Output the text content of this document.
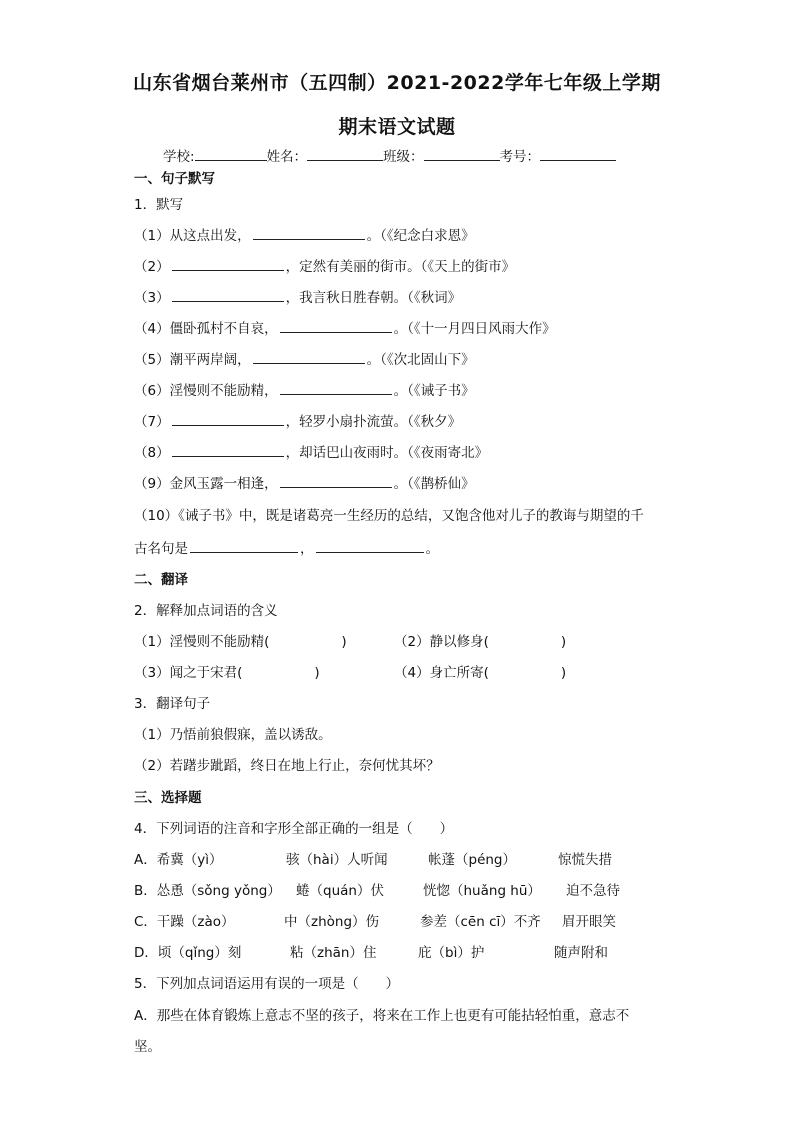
山东省烟台莱州市（五四制）2021-2022学年七年级上学期
期末语文试题
学校:	姓名：	班级：	考号：
一、句子默写
1．默写
（1）从这点出发，	。（《纪念白求恩》
（2）	，定然有美丽的街市。（《天上的街市》
（3）	，我言秋日胜春朝。（《秋词》
（4）僵卧孤村不自哀，	。（《十一月四日风雨大作》
（5）潮平两岸阔，	。（《次北固山下》
（6）淫慢则不能励精，	。（《诫子书》
（7）	，轻罗小扇扑流萤。（《秋夕》
（8）	，却话巴山夜雨时。（《夜雨寄北》
（9）金风玉露一相逢，	。（《鹊桥仙》
（10）《诫子书》中，既是诸葛亮一生经历的总结，又饱含他对儿子的教诲与期望的千
古名句是	，	。
二、翻译
2．解释加点词语的含义
（1）淫慢则不能励精(	)	（2）静以修身(	)
（3）闻之于宋君(	)	（4）身亡所寄(	)
3．翻译句子
（1）乃悟前狼假寐，盖以诱敌。
（2）若躇步跐蹈，终日在地上行止，奈何忧其坏？
三、选择题
4．下列词语的注音和字形全部正确的一组是（　　）
A．希冀（yì）	骇（hài）人听闻	帐蓬（péng）	惊慌失措
B．怂恿（sǒng yǒng） 蜷（quán）伏	恍惚（huǎng hū） 迫不急待
C．干躁（zào）	中（zhòng）伤	参差（cēn cī）不齐 眉开眼笑
D．顷（qǐng）刻	粘（zhān）住	庇（bì）护	随声附和
5．下列加点词语运用有误的一项是（　　）
A．那些在体育锻炼上意志不坚的孩子，将来在工作上也更有可能拈轻怕重，意志不
坚。
